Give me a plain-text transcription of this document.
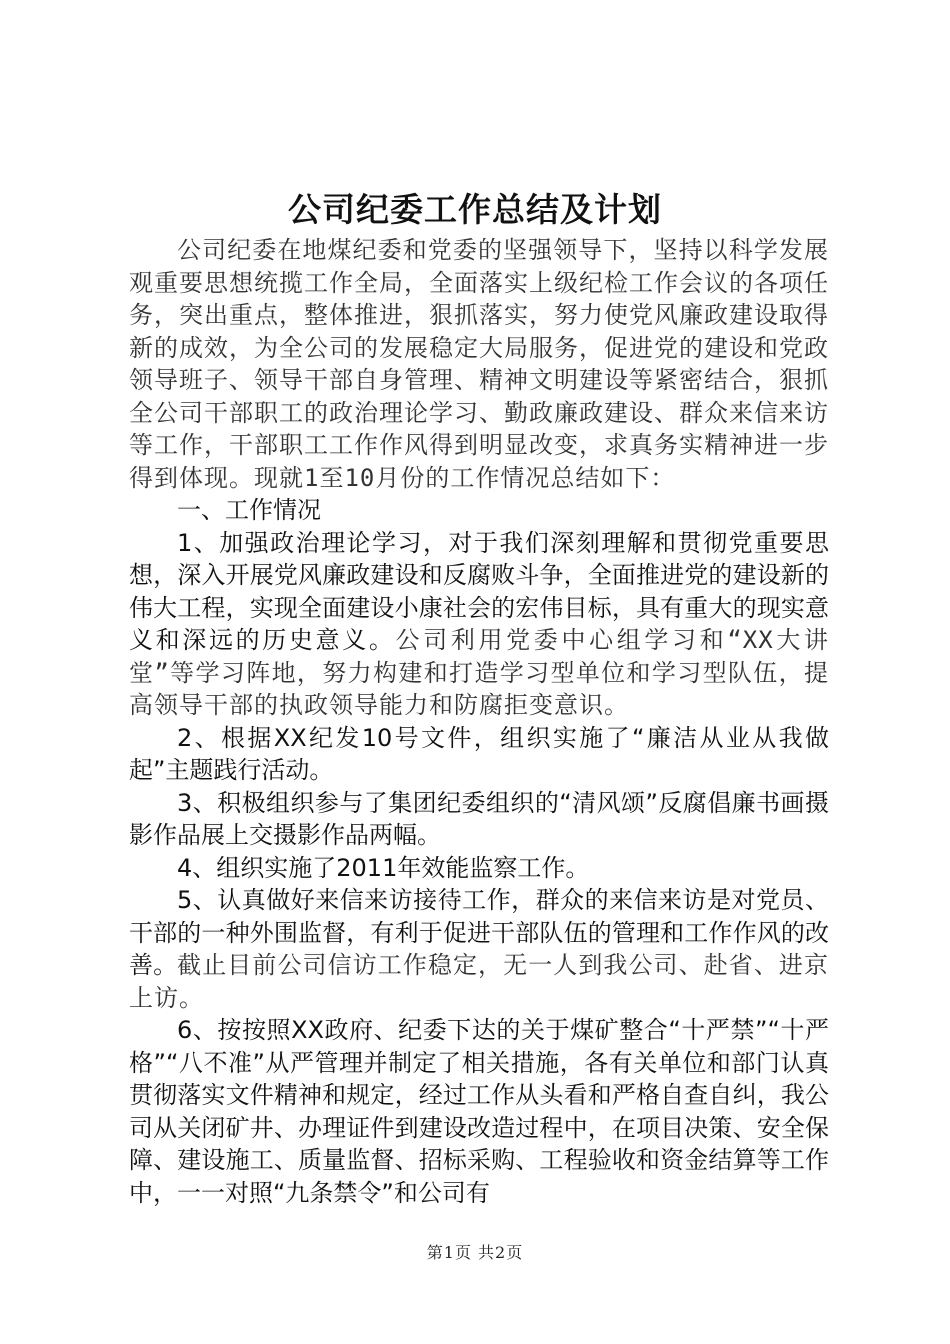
公司纪委工作总结及计划

公司纪委在地煤纪委和党委的坚强领导下，坚持以科学发展观重要思想统揽工作全局，全面落实上级纪检工作会议的各项任务，突出重点，整体推进，狠抓落实，努力使党风廉政建设取得新的成效，为全公司的发展稳定大局服务，促进党的建设和党政领导班子、领导干部自身管理、精神文明建设等紧密结合，狠抓全公司干部职工的政治理论学习、勤政廉政建设、群众来信来访等工作，干部职工工作作风得到明显改变，求真务实精神进一步得到体现。现就1至10月份的工作情况总结如下：

一、工作情况

1、加强政治理论学习，对于我们深刻理解和贯彻党重要思想，深入开展党风廉政建设和反腐败斗争，全面推进党的建设新的伟大工程，实现全面建设小康社会的宏伟目标，具有重大的现实意义和深远的历史意义。公司利用党委中心组学习和“XX大讲堂”等学习阵地，努力构建和打造学习型单位和学习型队伍，提高领导干部的执政领导能力和防腐拒变意识。

2、根据XX纪发10号文件，组织实施了“廉洁从业从我做起”主题践行活动。

3、积极组织参与了集团纪委组织的“清风颂”反腐倡廉书画摄影作品展上交摄影作品两幅。

4、组织实施了2011年效能监察工作。

5、认真做好来信来访接待工作，群众的来信来访是对党员、干部的一种外围监督，有利于促进干部队伍的管理和工作作风的改善。截止目前公司信访工作稳定，无一人到我公司、赴省、进京上访。

6、按按照XX政府、纪委下达的关于煤矿整合“十严禁”“十严格”“八不准”从严管理并制定了相关措施，各有关单位和部门认真贯彻落实文件精神和规定，经过工作从头看和严格自查自纠，我公司从关闭矿井、办理证件到建设改造过程中，在项目决策、安全保障、建设施工、质量监督、招标采购、工程验收和资金结算等工作中，一一对照“九条禁令”和公司有

第1页 共2页
